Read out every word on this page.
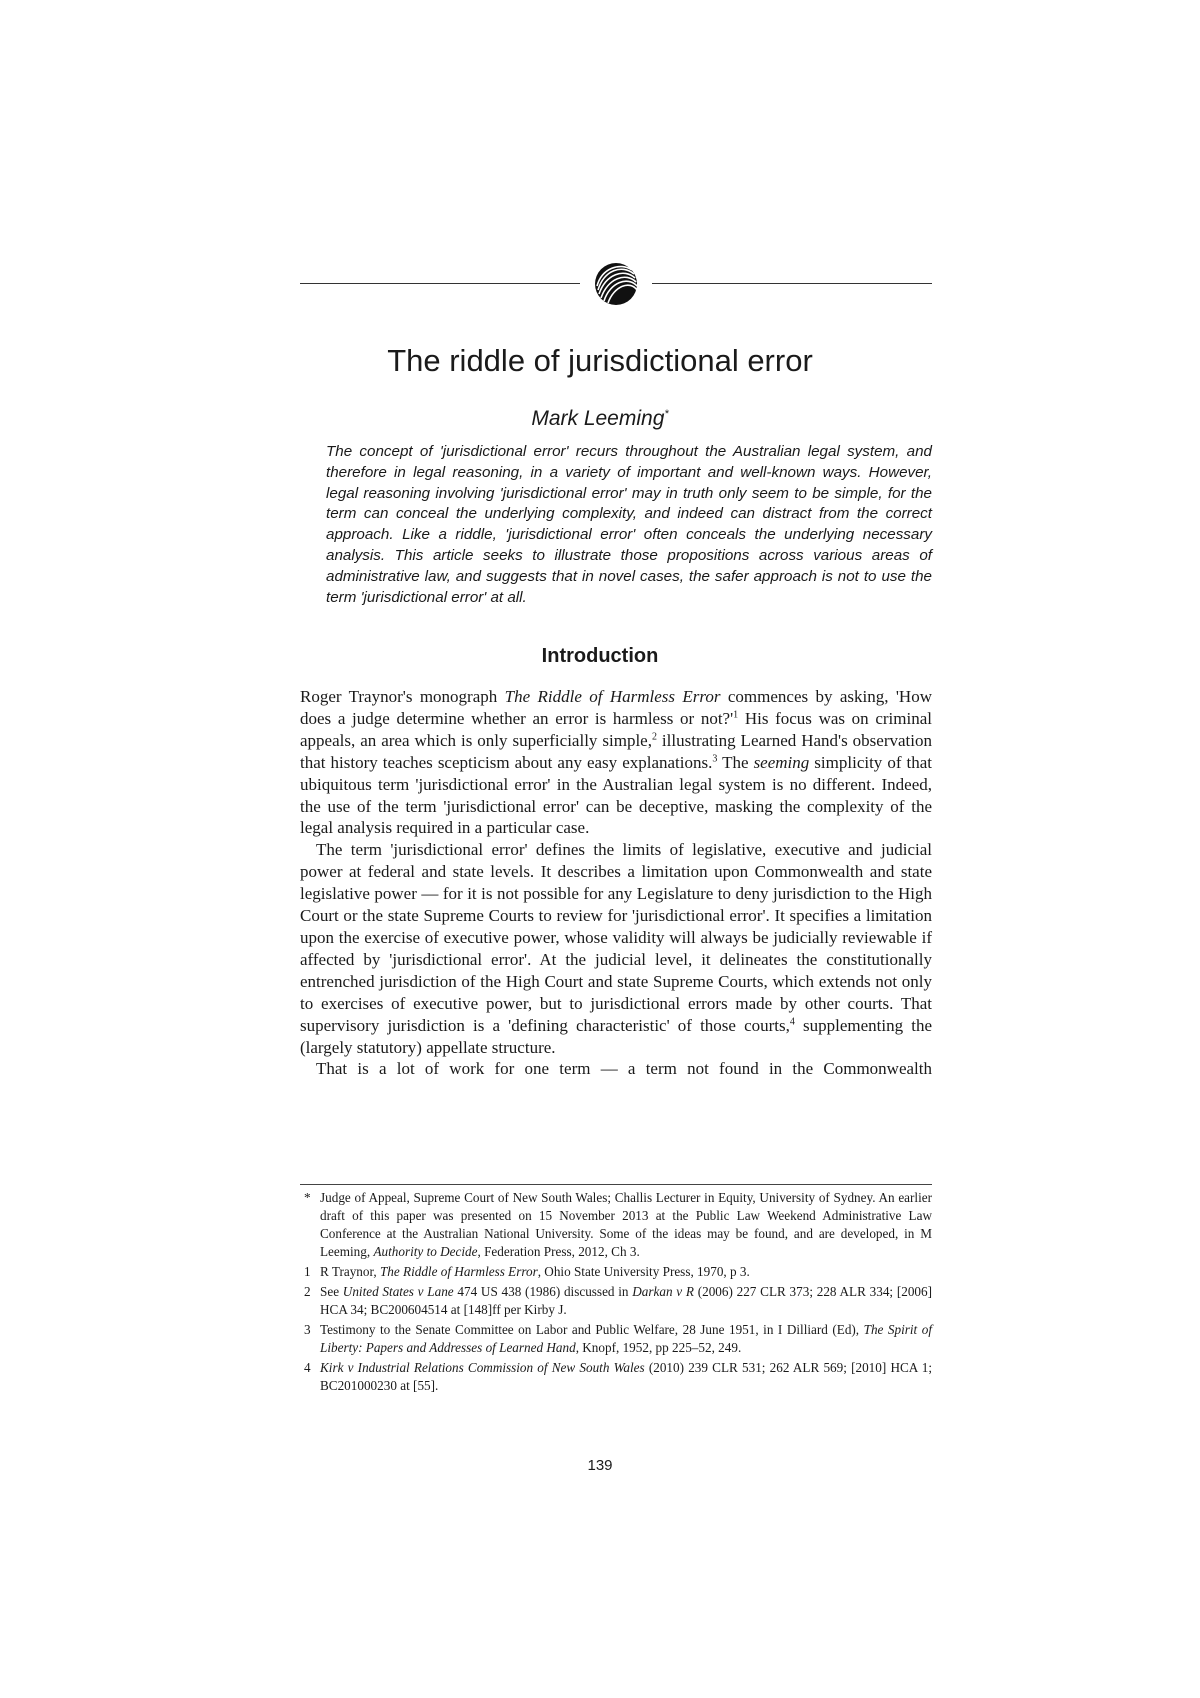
The riddle of jurisdictional error

Mark Leeming*

The concept of 'jurisdictional error' recurs throughout the Australian legal system, and therefore in legal reasoning, in a variety of important and well-known ways. However, legal reasoning involving 'jurisdictional error' may in truth only seem to be simple, for the term can conceal the underlying complexity, and indeed can distract from the correct approach. Like a riddle, 'jurisdictional error' often conceals the underlying necessary analysis. This article seeks to illustrate those propositions across various areas of administrative law, and suggests that in novel cases, the safer approach is not to use the term 'jurisdictional error' at all.

Introduction

Roger Traynor's monograph The Riddle of Harmless Error commences by asking, 'How does a judge determine whether an error is harmless or $not?'^1$ His focus was on criminal appeals, an area which is only superficially simple,$^2$ illustrating Learned Hand's observation that history teaches scepticism about any easy explanations.$^3$ The seeming simplicity of that ubiquitous term 'jurisdictional error' in the Australian legal system is no different. Indeed, the use of the term 'jurisdictional error' can be deceptive, masking the complexity of the legal analysis required in a particular case.

The term 'jurisdictional error' defines the limits of legislative, executive and judicial power at federal and state levels. It describes a limitation upon Commonwealth and state legislative power — for it is not possible for any Legislature to deny jurisdiction to the High Court or the state Supreme Courts to review for 'jurisdictional error'. It specifies a limitation upon the exercise of executive power, whose validity will always be judicially reviewable if affected by 'jurisdictional error'. At the judicial level, it delineates the constitutionally entrenched jurisdiction of the High Court and state Supreme Courts, which extends not only to exercises of executive power, but to jurisdictional errors made by other courts. That supervisory jurisdiction is a 'defining characteristic' of those courts,$^4$ supplementing the (largely statutory) appellate structure.

That is a lot of work for one term — a term not found in the Commonwealth

* Judge of Appeal, Supreme Court of New South Wales; Challis Lecturer in Equity, University of Sydney. An earlier draft of this paper was presented on 15 November 2013 at the Public Law Weekend Administrative Law Conference at the Australian National University. Some of the ideas may be found, and are developed, in M Leeming, Authority to Decide, Federation Press, 2012, Ch 3.
1 R Traynor, The Riddle of Harmless Error, Ohio State University Press, 1970, p 3.
2 See United States v Lane 474 US 438 (1986) discussed in Darkan v R (2006) 227 CLR 373; 228 ALR 334; [2006] HCA 34; BC200604514 at [148]ff per Kirby J.
3 Testimony to the Senate Committee on Labor and Public Welfare, 28 June 1951, in I Dilliard (Ed), The Spirit of Liberty: Papers and Addresses of Learned Hand, Knopf, 1952, pp 225–52, 249.
4 Kirk v Industrial Relations Commission of New South Wales (2010) 239 CLR 531; 262 ALR 569; [2010] HCA 1; BC201000230 at [55].

139
